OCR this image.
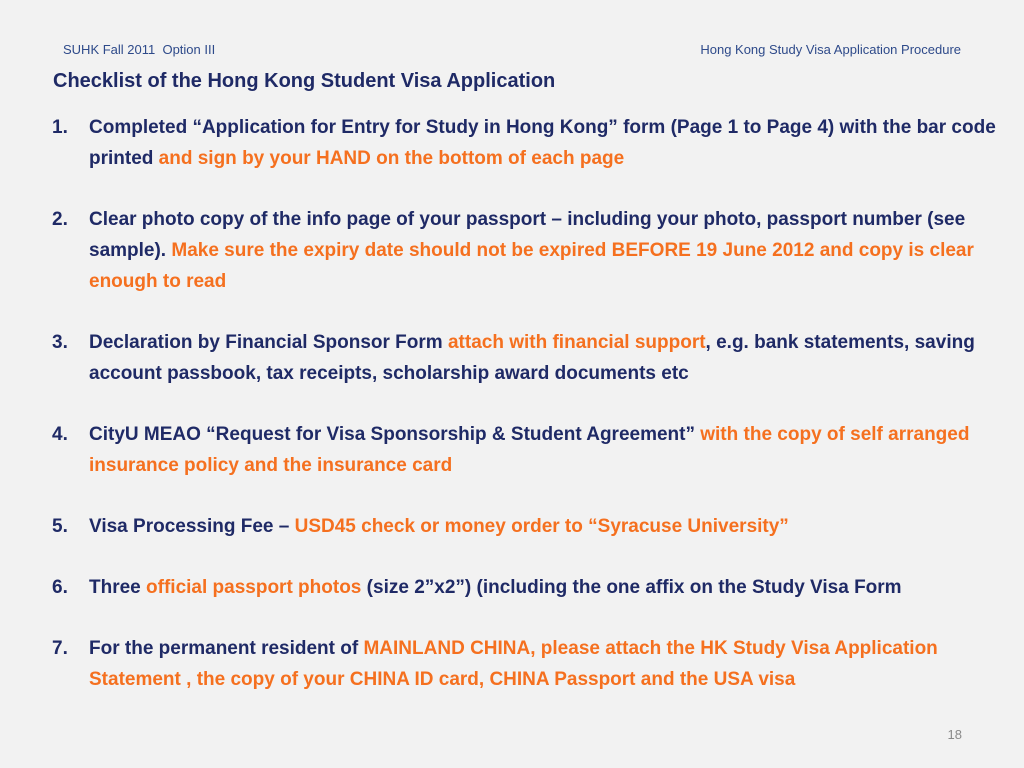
SUHK Fall 2011  Option III	Hong Kong Study Visa Application Procedure
Checklist of the Hong Kong Student Visa Application
1. Completed “Application for Entry for Study in Hong Kong” form (Page 1 to Page 4) with the bar code printed and sign by your HAND on the bottom of each page
2. Clear photo copy of the info page of your passport – including your photo, passport number (see sample). Make sure the expiry date should not be expired BEFORE 19 June 2012 and copy is clear enough to read
3. Declaration by Financial Sponsor Form attach with financial support, e.g. bank statements, saving account passbook, tax receipts, scholarship award documents etc
4. CityU MEAO “Request for Visa Sponsorship & Student Agreement” with the copy of self arranged insurance policy and the insurance card
5. Visa Processing Fee – USD45 check or money order to “Syracuse University”
6. Three official passport photos (size 2”x2”) (including the one affix on the Study Visa Form
7. For the permanent resident of MAINLAND CHINA, please attach the HK Study Visa Application Statement , the copy of your CHINA ID card, CHINA Passport and the USA visa
18
